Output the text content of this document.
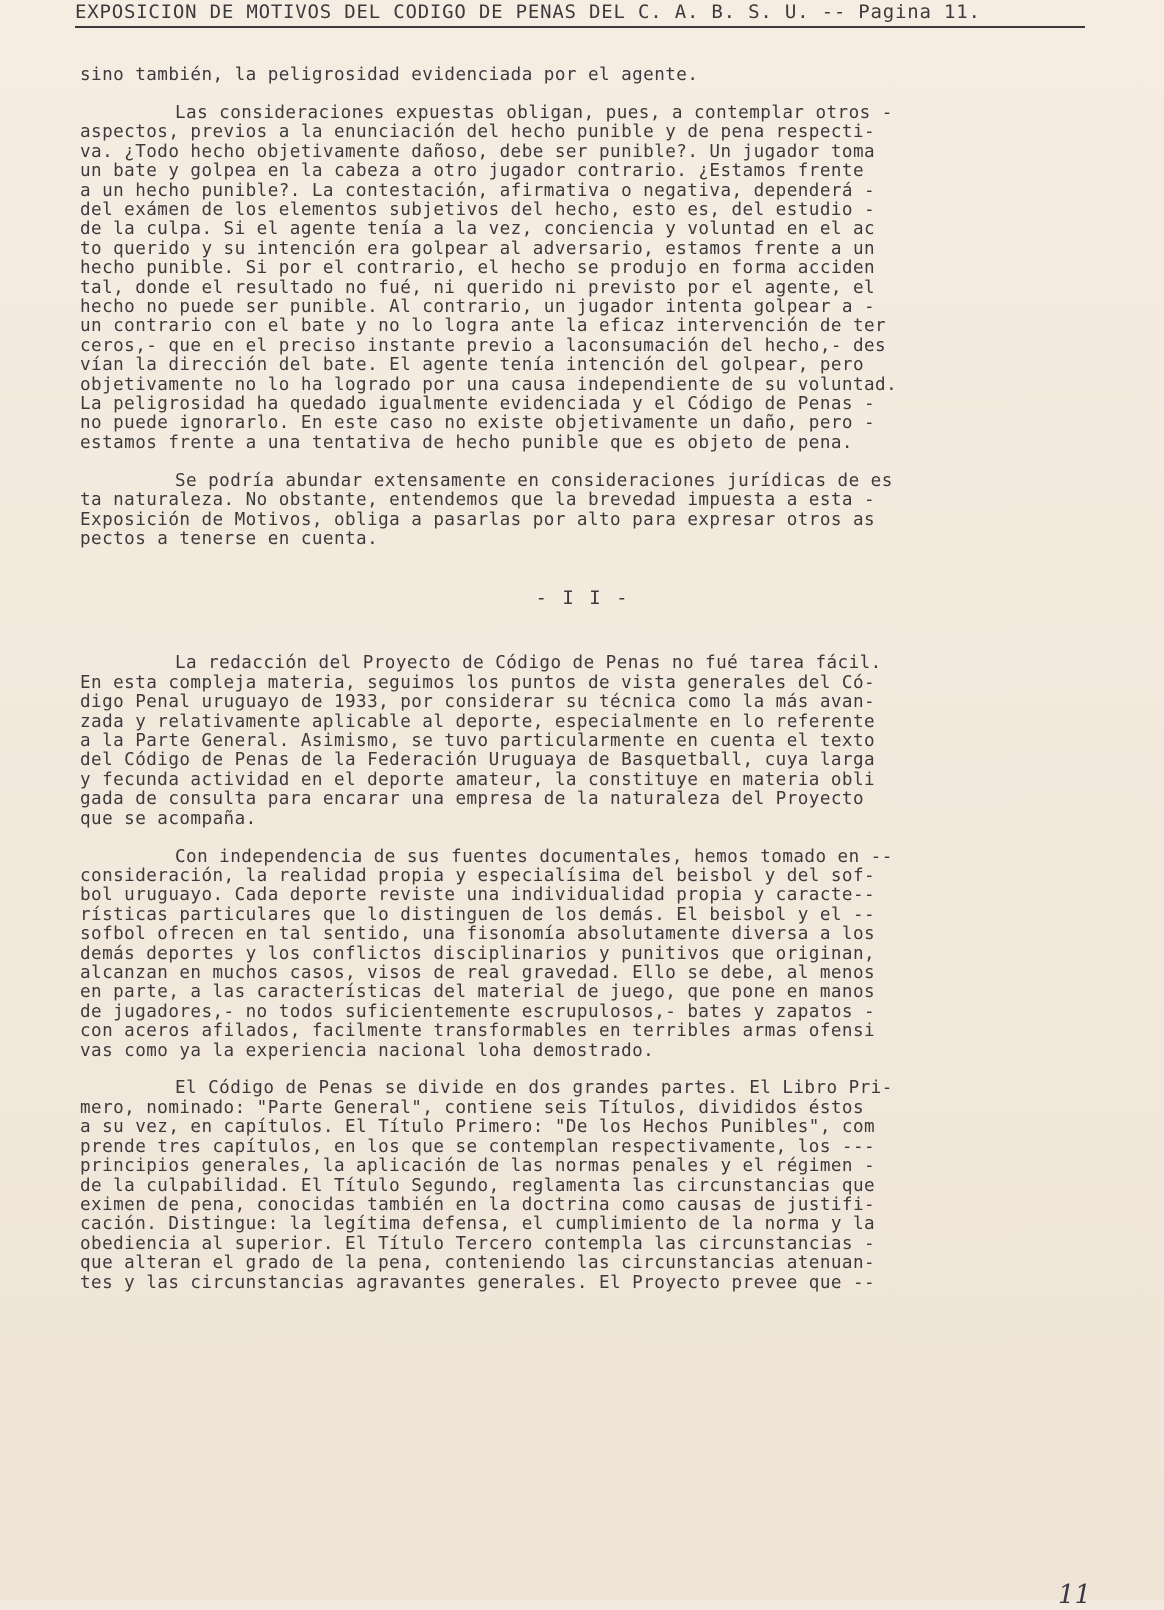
EXPOSICION DE MOTIVOS DEL CODIGO DE PENAS DEL C. A. B. S. U. -- Pagina 11.
sino también, la peligrosidad evidenciada por el agente.
Las consideraciones expuestas obligan, pues, a contemplar otros -
aspectos, previos a la enunciación del hecho punible y de pena respecti-
va. ¿Todo hecho objetivamente dañoso, debe ser punible?. Un jugador toma
un bate y golpea en la cabeza a otro jugador contrario. ¿Estamos frente
a un hecho punible?. La contestación, afirmativa o negativa, dependerá -
del exámen de los elementos subjetivos del hecho, esto es, del estudio -
de la culpa. Si el agente tenía a la vez, conciencia y voluntad en el ac
to querido y su intención era golpear al adversario, estamos frente a un
hecho punible. Si por el contrario, el hecho se produjo en forma acciden
tal, donde el resultado no fué, ni querido ni previsto por el agente, el
hecho no puede ser punible. Al contrario, un jugador intenta golpear a -
un contrario con el bate y no lo logra ante la eficaz intervención de ter
ceros,- que en el preciso instante previo a laconsumación del hecho,- des
vían la dirección del bate. El agente tenía intención del golpear, pero
objetivamente no lo ha logrado por una causa independiente de su voluntad.
La peligrosidad ha quedado igualmente evidenciada y el Código de Penas -
no puede ignorarlo. En este caso no existe objetivamente un daño, pero -
estamos frente a una tentativa de hecho punible que es objeto de pena.
Se podría abundar extensamente en consideraciones jurídicas de es
ta naturaleza. No obstante, entendemos que la brevedad impuesta a esta -
Exposición de Motivos, obliga a pasarlas por alto para expresar otros as
pectos a tenerse en cuenta.
- I I -
La redacción del Proyecto de Código de Penas no fué tarea fácil.
En esta compleja materia, seguimos los puntos de vista generales del Có-
digo Penal uruguayo de 1933, por considerar su técnica como la más avan-
zada y relativamente aplicable al deporte, especialmente en lo referente
a la Parte General. Asimismo, se tuvo particularmente en cuenta el texto
del Código de Penas de la Federación Uruguaya de Basquetball, cuya larga
y fecunda actividad en el deporte amateur, la constituye en materia obli
gada de consulta para encarar una empresa de la naturaleza del Proyecto
que se acompaña.
Con independencia de sus fuentes documentales, hemos tomado en --
consideración, la realidad propia y especialísima del beisbol y del sof-
bol uruguayo. Cada deporte reviste una individualidad propia y caracte--
rísticas particulares que lo distinguen de los demás. El beisbol y el --
sofbol ofrecen en tal sentido, una fisonomía absolutamente diversa a los
demás deportes y los conflictos disciplinarios y punitivos que originan,
alcanzan en muchos casos, visos de real gravedad. Ello se debe, al menos
en parte, a las características del material de juego, que pone en manos
de jugadores,- no todos suficientemente escrupulosos,- bates y zapatos -
con aceros afilados, facilmente transformables en terribles armas ofensi
vas como ya la experiencia nacional loha demostrado.
El Código de Penas se divide en dos grandes partes. El Libro Pri-
mero, nominado: "Parte General", contiene seis Títulos, divididos éstos
a su vez, en capítulos. El Título Primero: "De los Hechos Punibles", com
prende tres capítulos, en los que se contemplan respectivamente, los ---
principios generales, la aplicación de las normas penales y el régimen -
de la culpabilidad. El Título Segundo, reglamenta las circunstancias que
eximen de pena, conocidas también en la doctrina como causas de justifi-
cación. Distingue: la legítima defensa, el cumplimiento de la norma y la
obediencia al superior. El Título Tercero contempla las circunstancias -
que alteran el grado de la pena, conteniendo las circunstancias atenuan-
tes y las circunstancias agravantes generales. El Proyecto prevee que --
11
